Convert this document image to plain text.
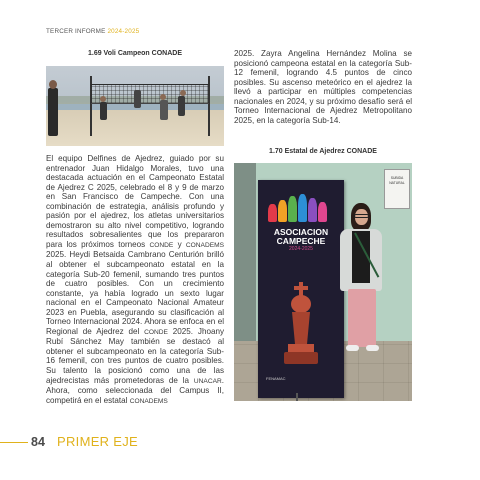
TERCER INFORME 2024-2025
1.69 Voli Campeon CONADE
El equipo Delfines de Ajedrez, guiado por su entrenador Juan Hidalgo Morales, tuvo una destacada actuación en el Campeonato Estatal de Ajedrez C 2025, celebrado el 8 y 9 de marzo en San Francisco de Campeche. Con una combinación de estrategia, análisis profundo y pasión por el ajedrez, los atletas universitarios demostraron su alto nivel competitivo, logrando resultados sobresalientes que los prepararon para los próximos torneos CONDE y CONADEMS 2025. Heydi Betsaida Cambrano Centurión brilló al obtener el subcampeonato estatal en la categoría Sub-20 femenil, sumando tres puntos de cuatro posibles. Con un crecimiento constante, ya había logrado un sexto lugar nacional en el Campeonato Nacional Amateur 2023 en Puebla, asegurando su clasificación al Torneo Internacional 2024. Ahora se enfoca en el Regional de Ajedrez del CONDE 2025. Jhoany Rubí Sánchez May también se destacó al obtener el subcampeonato en la categoría Sub-16 femenil, con tres puntos de cuatro posibles. Su talento la posicionó como una de las ajedrecistas más prometedoras de la UNACAR. Ahora, como seleccionada del Campus II, competirá en el estatal CONADEMS
2025. Zayra Angelina Hernández Molina se posicionó campeona estatal en la categoría Sub-12 femenil, logrando 4.5 puntos de cinco posibles. Su ascenso meteórico en el ajedrez la llevó a participar en múltiples competencias nacionales en 2024, y su próximo desafío será el Torneo Internacional de Ajedrez Metropolitano 2025, en la categoría Sub-14.
1.70 Estatal de Ajedrez CONADE
SUBIDA
NATURAL
ASOCIACION CAMPECHE
2024-2025
FENAMAC
84 PRIMER EJE
